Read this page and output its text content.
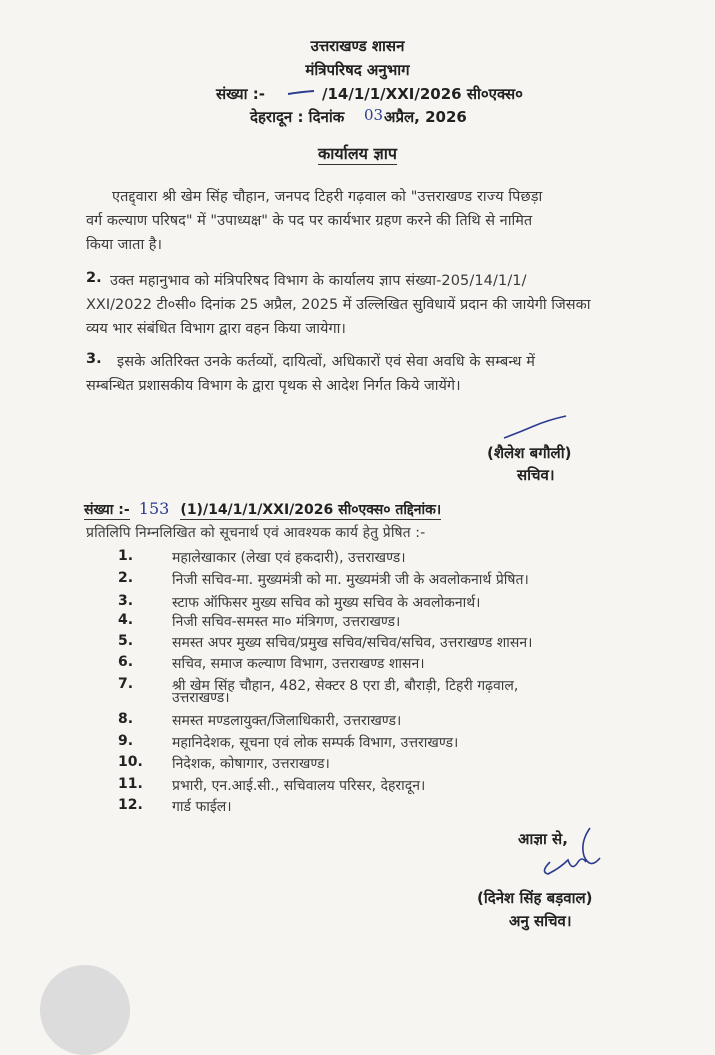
उत्तराखण्ड शासन
मंत्रिपरिषद अनुभाग
संख्या :-	/14/1/1/XXI/2026 सी०एक्स०
देहरादून : दिनांक 03 अप्रैल, 2026
कार्यालय ज्ञाप
एतद्द्वारा श्री खेम सिंह चौहान, जनपद टिहरी गढ़वाल को "उत्तराखण्ड राज्य पिछड़ा
वर्ग कल्याण परिषद" में "उपाध्यक्ष" के पद पर कार्यभार ग्रहण करने की तिथि से नामित
किया जाता है।
2. उक्त महानुभाव को मंत्रिपरिषद विभाग के कार्यालय ज्ञाप संख्या-205/14/1/1/
XXI/2022 टी०सी० दिनांक 25 अप्रैल, 2025 में उल्लिखित सुविधायें प्रदान की जायेगी जिसका
व्यय भार संबंधित विभाग द्वारा वहन किया जायेगा।
3. इसके अतिरिक्त उनके कर्तव्यों, दायित्वों, अधिकारों एवं सेवा अवधि के सम्बन्ध में
सम्बन्धित प्रशासकीय विभाग के द्वारा पृथक से आदेश निर्गत किये जायेंगे।
(शैलेश बगौली)
सचिव।
संख्या :- 153 (1)/14/1/1/XXI/2026 सी०एक्स० तद्दिनांक।
प्रतिलिपि निम्नलिखित को सूचनार्थ एवं आवश्यक कार्य हेतु प्रेषित :-
1.	महालेखाकार (लेखा एवं हकदारी), उत्तराखण्ड।
2.	निजी सचिव-मा. मुख्यमंत्री को मा. मुख्यमंत्री जी के अवलोकनार्थ प्रेषित।
3.	स्टाफ ऑफिसर मुख्य सचिव को मुख्य सचिव के अवलोकनार्थ।
4.	निजी सचिव-समस्त मा० मंत्रिगण, उत्तराखण्ड।
5.	समस्त अपर मुख्य सचिव/प्रमुख सचिव/सचिव/सचिव, उत्तराखण्ड शासन।
6.	सचिव, समाज कल्याण विभाग, उत्तराखण्ड शासन।
7.	श्री खेम सिंह चौहान, 482, सेक्टर 8 एरा डी, बौराड़ी, टिहरी गढ़वाल,
उत्तराखण्ड।
8.	समस्त मण्डलायुक्त/जिलाधिकारी, उत्तराखण्ड।
9.	महानिदेशक, सूचना एवं लोक सम्पर्क विभाग, उत्तराखण्ड।
10. निदेशक, कोषागार, उत्तराखण्ड।
11. प्रभारी, एन.आई.सी., सचिवालय परिसर, देहरादून।
12. गार्ड फाईल।
आज्ञा से,
(दिनेश सिंह बड़वाल)
अनु सचिव।
